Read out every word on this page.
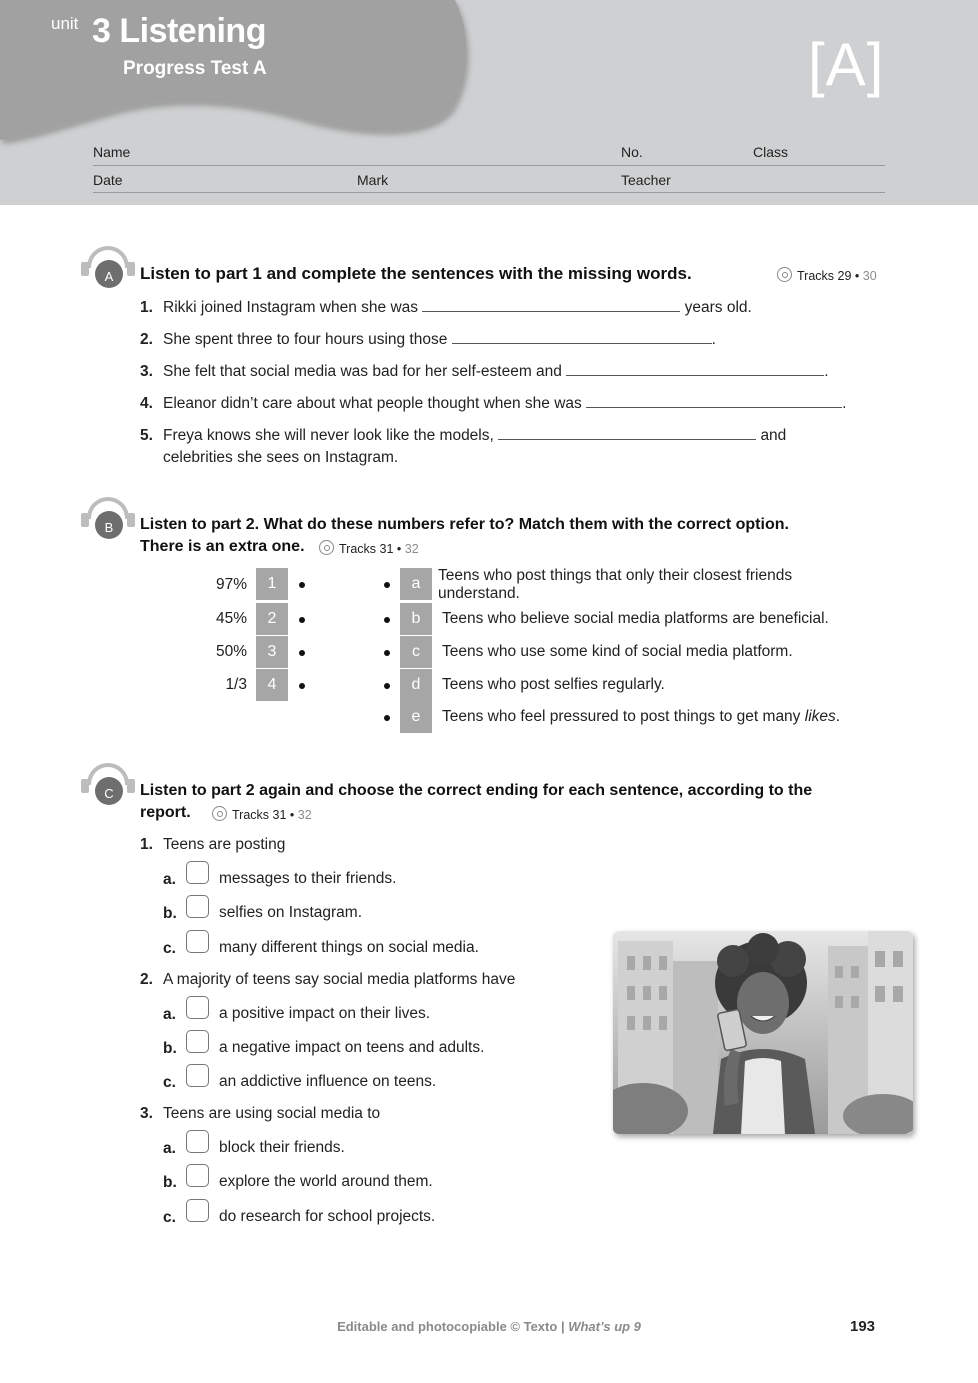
unit 3 Listening
Progress Test A	[A]
Name	No.	Class
Date	Mark	Teacher
A	Listen to part 1 and complete the sentences with the missing words.	Tracks 29 • 30
1. Rikki joined Instagram when she was	years old.
2. She spent three to four hours using those	.
3. She felt that social media was bad for her self-esteem and	.
4. Eleanor didn’t care about what people thought when she was	.
5. Freya knows she will never look like the models,	and
celebrities she sees on Instagram.
B	Listen to part 2. What do these numbers refer to? Match them with the correct option.
There is an extra one.	Tracks 31 • 32
97%	1
45%	2
50%	3
1/3	4
a	Teens who post things that only their closest friends
understand.
b	Teens who believe social media platforms are beneficial.
c	Teens who use some kind of social media platform.
d	Teens who post selfies regularly.
e	Teens who feel pressured to post things to get many likes.
C	Listen to part 2 again and choose the correct ending for each sentence, according to the
report.	Tracks 31 • 32
1. Teens are posting
a.	messages to their friends.
b.	selfies on Instagram.
c.	many different things on social media.
2. A majority of teens say social media platforms have
a.	a positive impact on their lives.
b.	a negative impact on teens and adults.
c.	an addictive influence on teens.
3. Teens are using social media to
a.	block their friends.
b.	explore the world around them.
c.	do research for school projects.
Editable and photocopiable © Texto | What’s up 9	193
